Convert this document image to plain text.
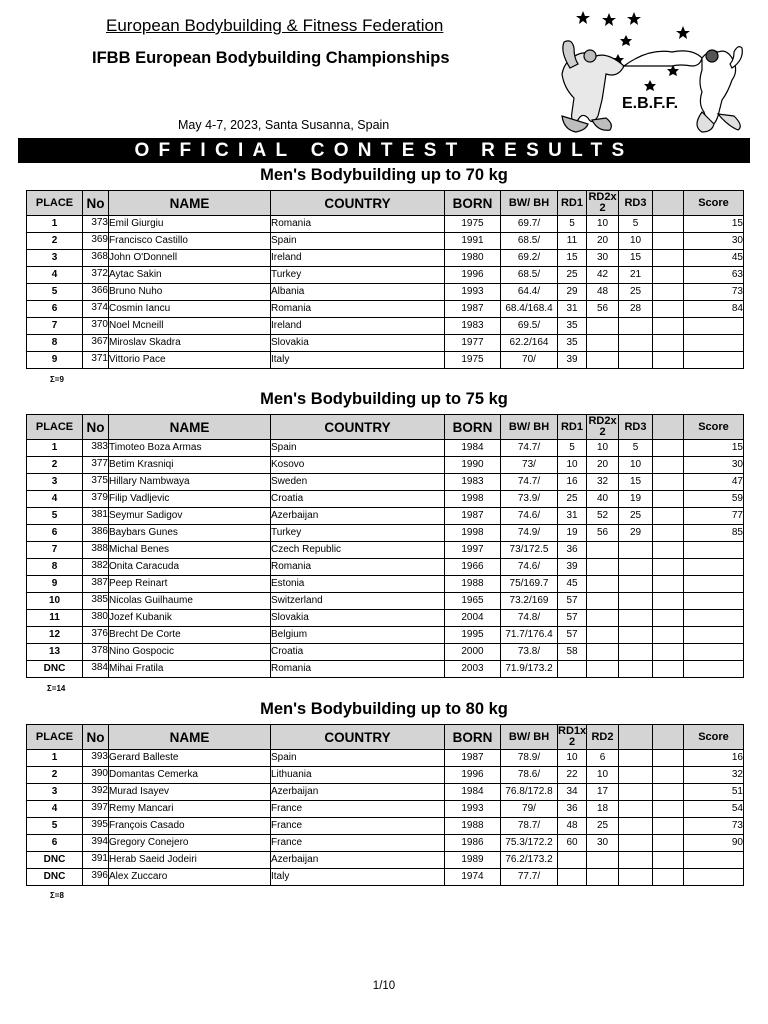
European Bodybuilding & Fitness Federation
IFBB European Bodybuilding Championships
May 4-7, 2023, Santa Susanna, Spain
E.B.F.F.
OFFICIAL CONTEST RESULTS
Men's Bodybuilding up to 70 kg
PLACE	No	NAME	COUNTRY	BORN	BW/ BH	RD1	RD2x 2	RD3		Score
1	373	Emil Giurgiu	Romania	1975	69.7/	5	10	5		15
2	369	Francisco Castillo	Spain	1991	68.5/	11	20	10		30
3	368	John O'Donnell	Ireland	1980	69.2/	15	30	15		45
4	372	Aytac Sakin	Turkey	1996	68.5/	25	42	21		63
5	366	Bruno Nuho	Albania	1993	64.4/	29	48	25		73
6	374	Cosmin Iancu	Romania	1987	68.4/168.4	31	56	28		84
7	370	Noel Mcneill	Ireland	1983	69.5/	35				
8	367	Miroslav Skadra	Slovakia	1977	62.2/164	35				
9	371	Vittorio Pace	Italy	1975	70/	39				
Σ=9
Men's Bodybuilding up to 75 kg
PLACE	No	NAME	COUNTRY	BORN	BW/ BH	RD1	RD2x 2	RD3		Score
1	383	Timoteo Boza Armas	Spain	1984	74.7/	5	10	5		15
2	377	Betim Krasniqi	Kosovo	1990	73/	10	20	10		30
3	375	Hillary Nambwaya	Sweden	1983	74.7/	16	32	15		47
4	379	Filip Vadljevic	Croatia	1998	73.9/	25	40	19		59
5	381	Seymur Sadigov	Azerbaijan	1987	74.6/	31	52	25		77
6	386	Baybars Gunes	Turkey	1998	74.9/	19	56	29		85
7	388	Michal Benes	Czech Republic	1997	73/172.5	36				
8	382	Onita Caracuda	Romania	1966	74.6/	39				
9	387	Peep Reinart	Estonia	1988	75/169.7	45				
10	385	Nicolas Guilhaume	Switzerland	1965	73.2/169	57				
11	380	Jozef Kubanik	Slovakia	2004	74.8/	57				
12	376	Brecht De Corte	Belgium	1995	71.7/176.4	57				
13	378	Nino Gospocic	Croatia	2000	73.8/	58				
DNC	384	Mihai Fratila	Romania	2003	71.9/173.2					
Σ=14
Men's Bodybuilding up to 80 kg
PLACE	No	NAME	COUNTRY	BORN	BW/ BH	RD1x 2	RD2			Score
1	393	Gerard Balleste	Spain	1987	78.9/	10	6			16
2	390	Domantas Cemerka	Lithuania	1996	78.6/	22	10			32
3	392	Murad Isayev	Azerbaijan	1984	76.8/172.8	34	17			51
4	397	Remy Mancari	France	1993	79/	36	18			54
5	395	François Casado	France	1988	78.7/	48	25			73
6	394	Gregory Conejero	France	1986	75.3/172.2	60	30			90
DNC	391	Herab Saeid Jodeiri	Azerbaijan	1989	76.2/173.2					
DNC	396	Alex Zuccaro	Italy	1974	77.7/					
Σ=8
1/10
